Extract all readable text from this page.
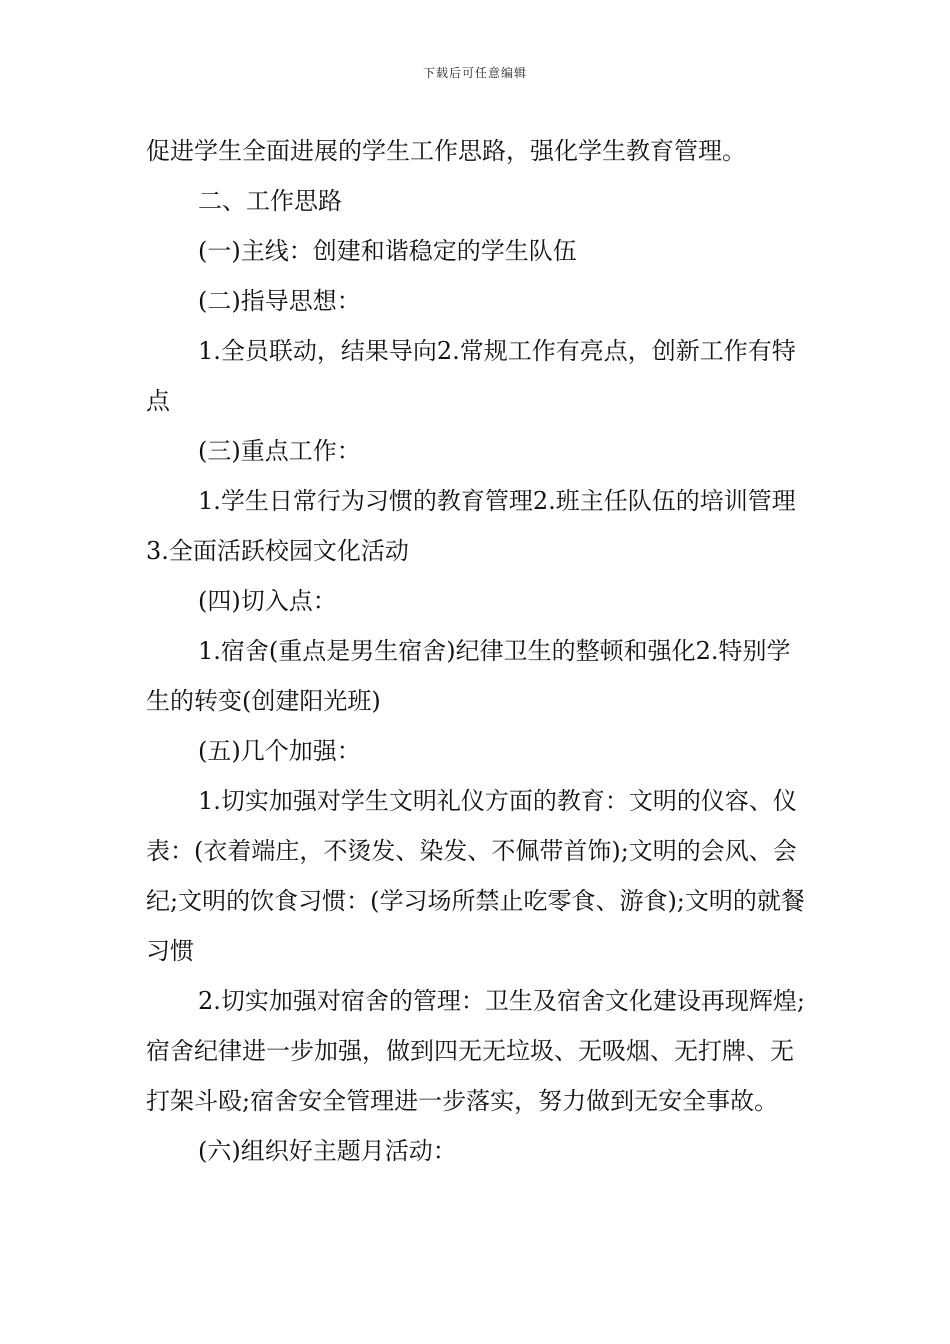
下载后可任意编辑

促进学生全面进展的学生工作思路，强化学生教育管理。

二、工作思路

(一)主线：创建和谐稳定的学生队伍

(二)指导思想：

1.全员联动，结果导向2.常规工作有亮点，创新工作有特点

(三)重点工作：

1.学生日常行为习惯的教育管理2.班主任队伍的培训管理3.全面活跃校园文化活动

(四)切入点：

1.宿舍(重点是男生宿舍)纪律卫生的整顿和强化2.特别学生的转变(创建阳光班)

(五)几个加强：

1.切实加强对学生文明礼仪方面的教育：文明的仪容、仪表：(衣着端庄，不烫发、染发、不佩带首饰);文明的会风、会纪;文明的饮食习惯：(学习场所禁止吃零食、游食);文明的就餐习惯

2.切实加强对宿舍的管理：卫生及宿舍文化建设再现辉煌;宿舍纪律进一步加强，做到四无无垃圾、无吸烟、无打牌、无打架斗殴;宿舍安全管理进一步落实，努力做到无安全事故。

(六)组织好主题月活动：
